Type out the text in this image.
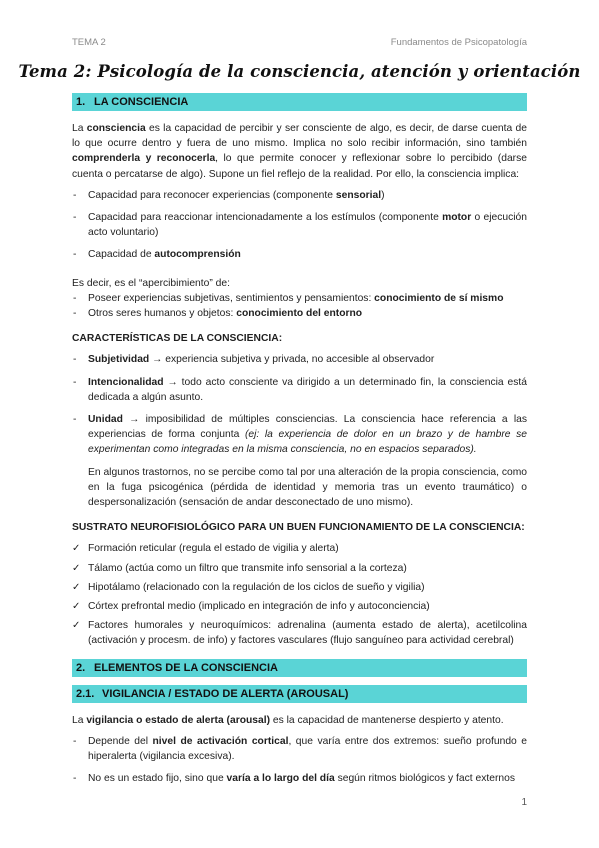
TEMA 2	Fundamentos de Psicopatología
Tema 2: Psicología de la consciencia, atención y orientación
1. LA CONSCIENCIA

La consciencia es la capacidad de percibir y ser consciente de algo, es decir, de darse cuenta de lo que ocurre dentro y fuera de uno mismo. Implica no solo recibir información, sino también comprenderla y reconocerla, lo que permite conocer y reflexionar sobre lo percibido (darse cuenta o percatarse de algo). Supone un fiel reflejo de la realidad. Por ello, la consciencia implica:

- Capacidad para reconocer experiencias (componente sensorial)
- Capacidad para reaccionar intencionadamente a los estímulos (componente motor o ejecución acto voluntario)
- Capacidad de autocomprensión

Es decir, es el “apercibimiento” de:

- Poseer experiencias subjetivas, sentimientos y pensamientos: conocimiento de sí mismo
- Otros seres humanos y objetos: conocimiento del entorno
CARACTERÍSTICAS DE LA CONSCIENCIA:
- Subjetividad → experiencia subjetiva y privada, no accesible al observador
- Intencionalidad → todo acto consciente va dirigido a un determinado fin, la consciencia está dedicada a algún asunto.
- Unidad → imposibilidad de múltiples consciencias. La consciencia hace referencia a las experiencias de forma conjunta (ej: la experiencia de dolor en un brazo y de hambre se experimentan como integradas en la misma consciencia, no en espacios separados).

En algunos trastornos, no se percibe como tal por una alteración de la propia consciencia, como en la fuga psicogénica (pérdida de identidad y memoria tras un evento traumático) o despersonalización (sensación de andar desconectado de uno mismo).

SUSTRATO NEUROFISIOLÓGICO PARA UN BUEN FUNCIONAMIENTO DE LA CONSCIENCIA:
✓ Formación reticular (regula el estado de vigilia y alerta)
✓ Tálamo (actúa como un filtro que transmite info sensorial a la corteza)
✓ Hipotálamo (relacionado con la regulación de los ciclos de sueño y vigilia)
✓ Córtex prefrontal medio (implicado en integración de info y autoconciencia)
✓ Factores humorales y neuroquímicos: adrenalina (aumenta estado de alerta), acetilcolina (activación y procesm. de info) y factores vasculares (flujo sanguíneo para actividad cerebral)
2. ELEMENTOS DE LA CONSCIENCIA
2.1. VIGILANCIA / ESTADO DE ALERTA (AROUSAL)

La vigilancia o estado de alerta (arousal) es la capacidad de mantenerse despierto y atento.

- Depende del nivel de activación cortical, que varía entre dos extremos: sueño profundo e hiperalerta (vigilancia excesiva).
- No es un estado fijo, sino que varía a lo largo del día según ritmos biológicos y fact externos
1
